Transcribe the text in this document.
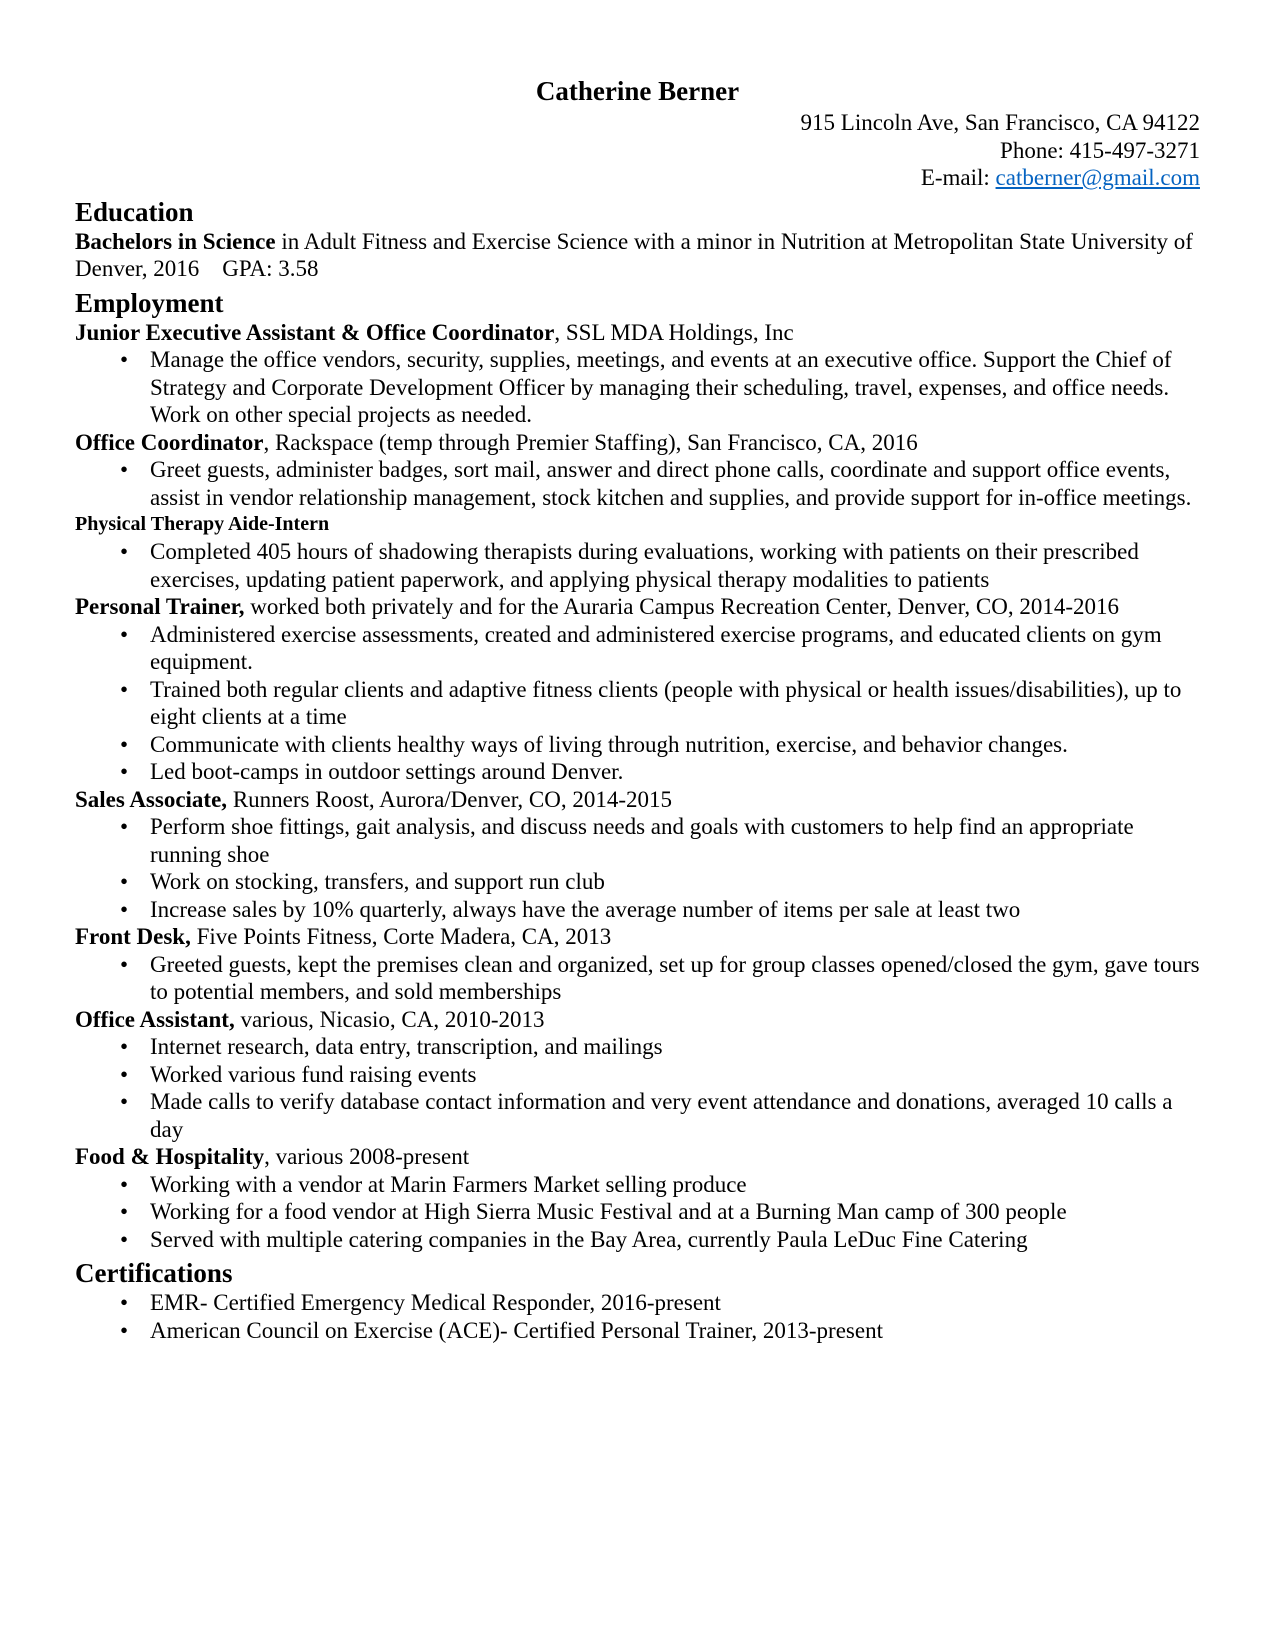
Catherine Berner
915 Lincoln Ave, San Francisco, CA 94122
Phone: 415-497-3271
E-mail: catberner@gmail.com
Education

Bachelors in Science in Adult Fitness and Exercise Science with a minor in Nutrition at Metropolitan State University of Denver, 2016    GPA: 3.58

Employment

Junior Executive Assistant & Office Coordinator, SSL MDA Holdings, Inc

• Manage the office vendors, security, supplies, meetings, and events at an executive office. Support the Chief of Strategy and Corporate Development Officer by managing their scheduling, travel, expenses, and office needs. Work on other special projects as needed.

Office Coordinator, Rackspace (temp through Premier Staffing), San Francisco, CA, 2016

• Greet guests, administer badges, sort mail, answer and direct phone calls, coordinate and support office events, assist in vendor relationship management, stock kitchen and supplies, and provide support for in-office meetings.

Physical Therapy Aide-Intern

• Completed 405 hours of shadowing therapists during evaluations, working with patients on their prescribed exercises, updating patient paperwork, and applying physical therapy modalities to patients

Personal Trainer, worked both privately and for the Auraria Campus Recreation Center, Denver, CO, 2014-2016

• Administered exercise assessments, created and administered exercise programs, and educated clients on gym equipment.
• Trained both regular clients and adaptive fitness clients (people with physical or health issues/disabilities), up to eight clients at a time
• Communicate with clients healthy ways of living through nutrition, exercise, and behavior changes.
• Led boot-camps in outdoor settings around Denver.

Sales Associate, Runners Roost, Aurora/Denver, CO, 2014-2015

• Perform shoe fittings, gait analysis, and discuss needs and goals with customers to help find an appropriate running shoe
• Work on stocking, transfers, and support run club
• Increase sales by 10% quarterly, always have the average number of items per sale at least two

Front Desk, Five Points Fitness, Corte Madera, CA, 2013

• Greeted guests, kept the premises clean and organized, set up for group classes opened/closed the gym, gave tours to potential members, and sold memberships

Office Assistant, various, Nicasio, CA, 2010-2013

• Internet research, data entry, transcription, and mailings
• Worked various fund raising events
• Made calls to verify database contact information and very event attendance and donations, averaged 10 calls a day

Food & Hospitality, various 2008-present

• Working with a vendor at Marin Farmers Market selling produce
• Working for a food vendor at High Sierra Music Festival and at a Burning Man camp of 300 people
• Served with multiple catering companies in the Bay Area, currently Paula LeDuc Fine Catering
Certifications
• EMR- Certified Emergency Medical Responder, 2016-present
• American Council on Exercise (ACE)- Certified Personal Trainer, 2013-present
